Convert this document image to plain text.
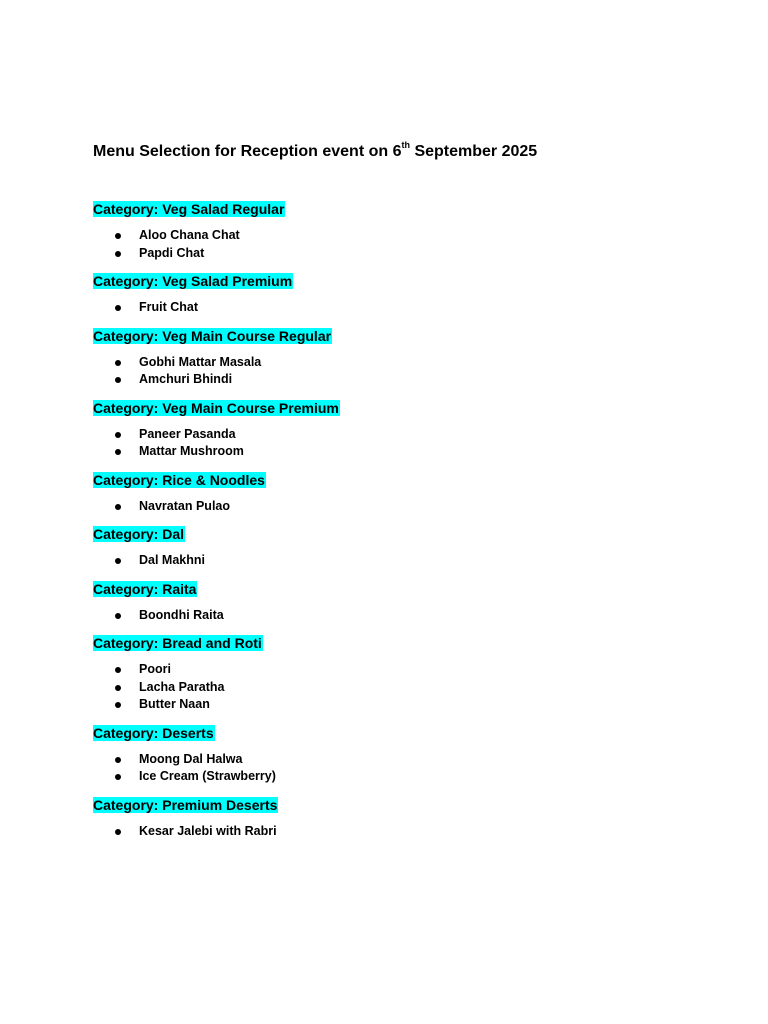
Menu Selection for Reception event on 6th September 2025
Category: Veg Salad Regular
Aloo Chana Chat
Papdi Chat
Category: Veg Salad Premium
Fruit Chat
Category: Veg Main Course Regular
Gobhi Mattar Masala
Amchuri Bhindi
Category: Veg Main Course Premium
Paneer Pasanda
Mattar Mushroom
Category: Rice & Noodles
Navratan Pulao
Category: Dal
Dal Makhni
Category: Raita
Boondhi Raita
Category: Bread and Roti
Poori
Lacha Paratha
Butter Naan
Category: Deserts
Moong Dal Halwa
Ice Cream (Strawberry)
Category: Premium Deserts
Kesar Jalebi with Rabri
